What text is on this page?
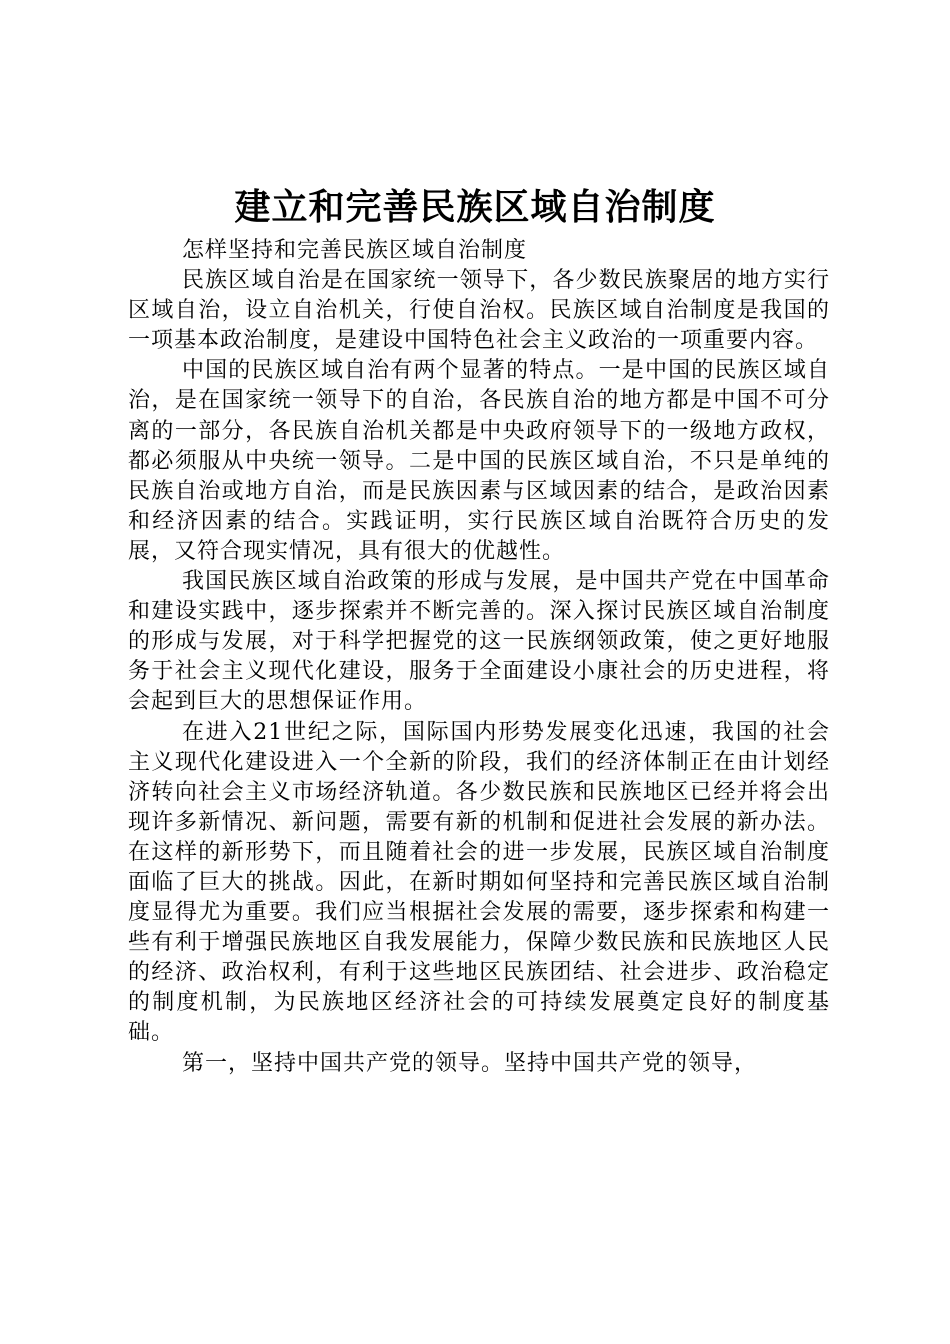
建立和完善民族区域自治制度

怎样坚持和完善民族区域自治制度

民族区域自治是在国家统一领导下，各少数民族聚居的地方实行区域自治，设立自治机关，行使自治权。民族区域自治制度是我国的一项基本政治制度，是建设中国特色社会主义政治的一项重要内容。

中国的民族区域自治有两个显著的特点。一是中国的民族区域自治，是在国家统一领导下的自治，各民族自治的地方都是中国不可分离的一部分，各民族自治机关都是中央政府领导下的一级地方政权，都必须服从中央统一领导。二是中国的民族区域自治，不只是单纯的民族自治或地方自治，而是民族因素与区域因素的结合，是政治因素和经济因素的结合。实践证明，实行民族区域自治既符合历史的发展，又符合现实情况，具有很大的优越性。

我国民族区域自治政策的形成与发展，是中国共产党在中国革命和建设实践中，逐步探索并不断完善的。深入探讨民族区域自治制度的形成与发展，对于科学把握党的这一民族纲领政策，使之更好地服务于社会主义现代化建设，服务于全面建设小康社会的历史进程，将会起到巨大的思想保证作用。

在进入21世纪之际，国际国内形势发展变化迅速，我国的社会主义现代化建设进入一个全新的阶段，我们的经济体制正在由计划经济转向社会主义市场经济轨道。各少数民族和民族地区已经并将会出现许多新情况、新问题，需要有新的机制和促进社会发展的新办法。在这样的新形势下，而且随着社会的进一步发展，民族区域自治制度面临了巨大的挑战。因此，在新时期如何坚持和完善民族区域自治制度显得尤为重要。我们应当根据社会发展的需要，逐步探索和构建一些有利于增强民族地区自我发展能力，保障少数民族和民族地区人民的经济、政治权利，有利于这些地区民族团结、社会进步、政治稳定的制度机制，为民族地区经济社会的可持续发展奠定良好的制度基础。

第一，坚持中国共产党的领导。坚持中国共产党的领导，
